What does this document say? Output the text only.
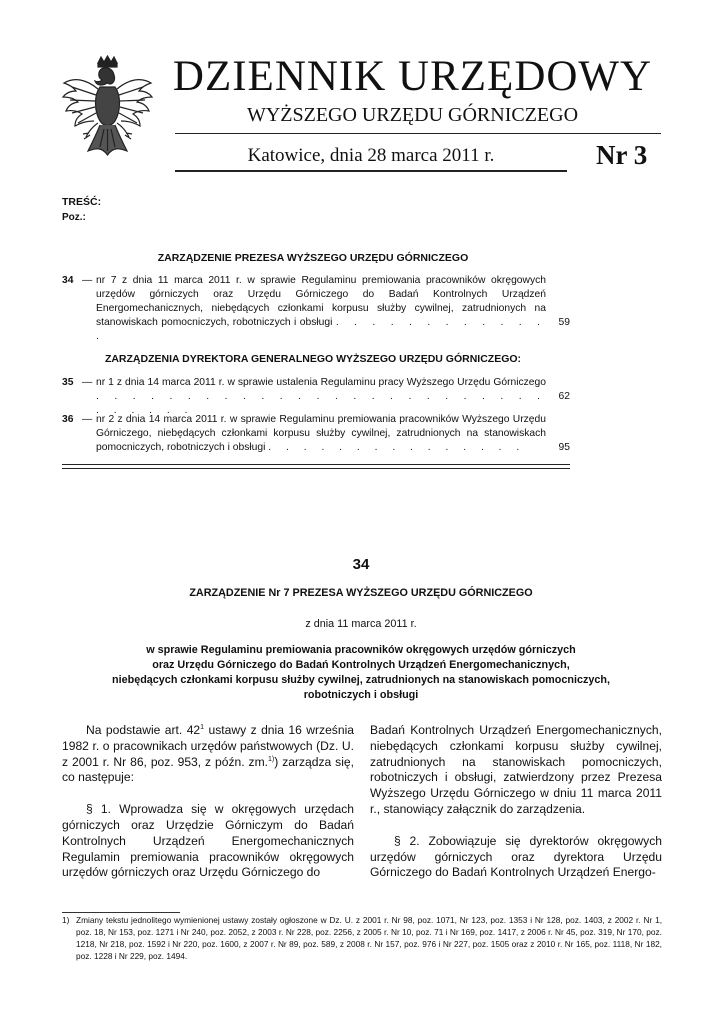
DZIENNIK URZĘDOWY
WYŻSZEGO URZĘDU GÓRNICZEGO
Katowice, dnia 28 marca 2011 r.	Nr 3
TREŚĆ:
Poz.:
ZARZĄDZENIE PREZESA WYŻSZEGO URZĘDU GÓRNICZEGO
34 — nr 7 z dnia 11 marca 2011 r. w sprawie Regulaminu premiowania pracowników okręgowych urzędów górniczych oraz Urzędu Górniczego do Badań Kontrolnych Urządzeń Energomechanicznych, niebędących członkami korpusu służby cywilnej, zatrudnionych na stanowiskach pomocniczych, robotniczych i obsługi . . . . . . . . . . . . .
59
ZARZĄDZENIA DYREKTORA GENERALNEGO WYŻSZEGO URZĘDU GÓRNICZEGO:
35 — nr 1 z dnia 14 marca 2011 r. w sprawie ustalenia Regulaminu pracy Wyższego Urzędu Górniczego . . . . . . . . . . . . . . . . . . . . . . . . . . . . . . .
62
36 — nr 2 z dnia 14 marca 2011 r. w sprawie Regulaminu premiowania pracowników Wyższego Urzędu Górniczego, niebędących członkami korpusu służby cywilnej, zatrudnionych na stanowiskach pomocniczych, robotniczych i obsługi . . . . . . . . . . . . . . .	95
34
ZARZĄDZENIE Nr 7 PREZESA WYŻSZEGO URZĘDU GÓRNICZEGO
z dnia 11 marca 2011 r.
w sprawie Regulaminu premiowania pracowników okręgowych urzędów górniczych
oraz Urzędu Górniczego do Badań Kontrolnych Urządzeń Energomechanicznych,
niebędących członkami korpusu służby cywilnej, zatrudnionych na stanowiskach pomocniczych,
robotniczych i obsługi

Na podstawie art. $42^1$ ustawy z dnia 16 września 1982 r. o pracownikach urzędów państwowych (Dz. U. z 2001 r. Nr 86, poz. 953, z późn. zm.$^{1)}$) zarządza się, co następuje:

§ 1. Wprowadza się w okręgowych urzędach górniczych oraz Urzędzie Górniczym do Badań Kontrolnych Urządzeń Energomechanicznych Regulamin premiowania pracowników okręgowych urzędów górniczych oraz Urzędu Górniczego do

Badań Kontrolnych Urządzeń Energomechanicznych, niebędących członkami korpusu służby cywilnej, zatrudnionych na stanowiskach pomocniczych, robotniczych i obsługi, zatwierdzony przez Prezesa Wyższego Urzędu Górniczego w dniu 11 marca 2011 r., stanowiący załącznik do zarządzenia.

§ 2. Zobowiązuje się dyrektorów okręgowych urzędów górniczych oraz dyrektora Urzędu Górniczego do Badań Kontrolnych Urządzeń Energo-

1) Zmiany tekstu jednolitego wymienionej ustawy zostały ogłoszone w Dz. U. z 2001 r. Nr 98, poz. 1071, Nr 123, poz. 1353 i Nr 128, poz. 1403, z 2002 r. Nr 1, poz. 18, Nr 153, poz. 1271 i Nr 240, poz. 2052, z 2003 r. Nr 228, poz. 2256, z 2005 r. Nr 10, poz. 71 i Nr 169, poz. 1417, z 2006 r. Nr 45, poz. 319, Nr 170, poz. 1218, Nr 218, poz. 1592 i Nr 220, poz. 1600, z 2007 r. Nr 89, poz. 589, z 2008 r. Nr 157, poz. 976 i Nr 227, poz. 1505 oraz z 2010 r. Nr 165, poz. 1118, Nr 182, poz. 1228 i Nr 229, poz. 1494.
